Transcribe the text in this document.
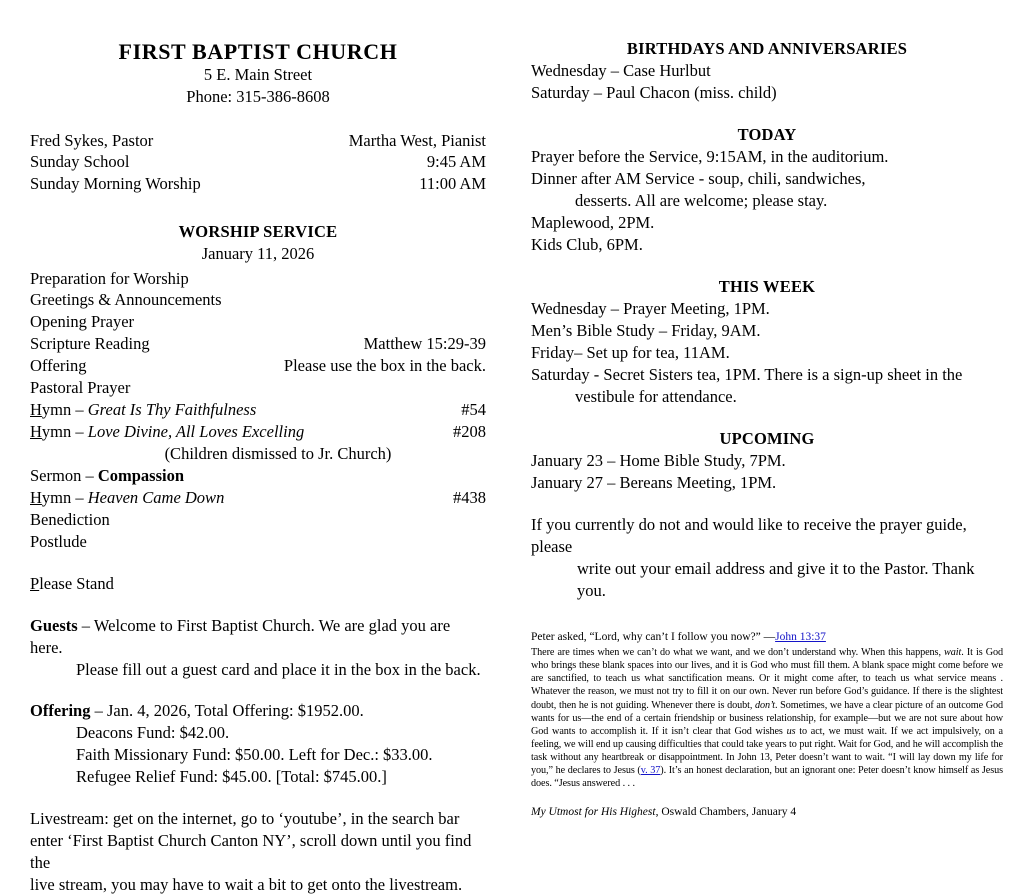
FIRST BAPTIST CHURCH
5 E. Main Street
Phone: 315-386-8608
Fred Sykes, Pastor	Martha West, Pianist
Sunday School	9:45 AM
Sunday Morning Worship	11:00 AM
WORSHIP SERVICE
January 11, 2026
Preparation for Worship
Greetings & Announcements
Opening Prayer
Scripture Reading	Matthew 15:29-39
Offering	Please use the box in the back.
Pastoral Prayer
Hymn – Great Is Thy Faithfulness	#54
Hymn – Love Divine, All Loves Excelling	#208
(Children dismissed to Jr. Church)
Sermon – Compassion
Hymn – Heaven Came Down	#438
Benediction
Postlude
Please Stand
Guests – Welcome to First Baptist Church. We are glad you are here.
Please fill out a guest card and place it in the box in the back.
Offering – Jan. 4, 2026, Total Offering: $1952.00.
Deacons Fund: $42.00.
Faith Missionary Fund: $50.00. Left for Dec.: $33.00.
Refugee Relief Fund: $45.00. [Total: $745.00.]
Livestream: get on the internet, go to ‘youtube’, in the search bar
enter ‘First Baptist Church Canton NY’, scroll down until you find the
live stream, you may have to wait a bit to get onto the livestream.
BIRTHDAYS AND ANNIVERSARIES
Wednesday – Case Hurlbut
Saturday – Paul Chacon (miss. child)
TODAY
Prayer before the Service, 9:15AM, in the auditorium.
Dinner after AM Service - soup, chili, sandwiches,
desserts. All are welcome; please stay.
Maplewood, 2PM.
Kids Club, 6PM.
THIS WEEK
Wednesday – Prayer Meeting, 1PM.
Men’s Bible Study – Friday, 9AM.
Friday– Set up for tea, 11AM.
Saturday - Secret Sisters tea, 1PM. There is a sign-up sheet in the
vestibule for attendance.
UPCOMING
January 23 – Home Bible Study, 7PM.
January 27 – Bereans Meeting, 1PM.
If you currently do not and would like to receive the prayer guide, please
write out your email address and give it to the Pastor. Thank you.
Peter asked, “Lord, why can’t I follow you now?” —John 13:37
There are times when we can’t do what we want, and we don’t understand why. When this happens, wait. It is God who brings these blank spaces into our lives, and it is God who must fill them. A blank space might come before we are sanctified, to teach us what sanctification means. Or it might come after, to teach us what service means . Whatever the reason, we must not try to fill it on our own. Never run before God’s guidance. If there is the slightest doubt, then he is not guiding. Whenever there is doubt, don’t. Sometimes, we have a clear picture of an outcome God wants for us—the end of a certain friendship or business relationship, for example—but we are not sure about how God wants to accomplish it. If it isn’t clear that God wishes us to act, we must wait. If we act impulsively, on a feeling, we will end up causing difficulties that could take years to put right. Wait for God, and he will accomplish the task without any heartbreak or disappointment. In John 13, Peter doesn’t want to wait. “I will lay down my life for you,” he declares to Jesus (v. 37). It’s an honest declaration, but an ignorant one: Peter doesn’t know himself as Jesus does. “Jesus answered . . .
My Utmost for His Highest, Oswald Chambers, January 4
